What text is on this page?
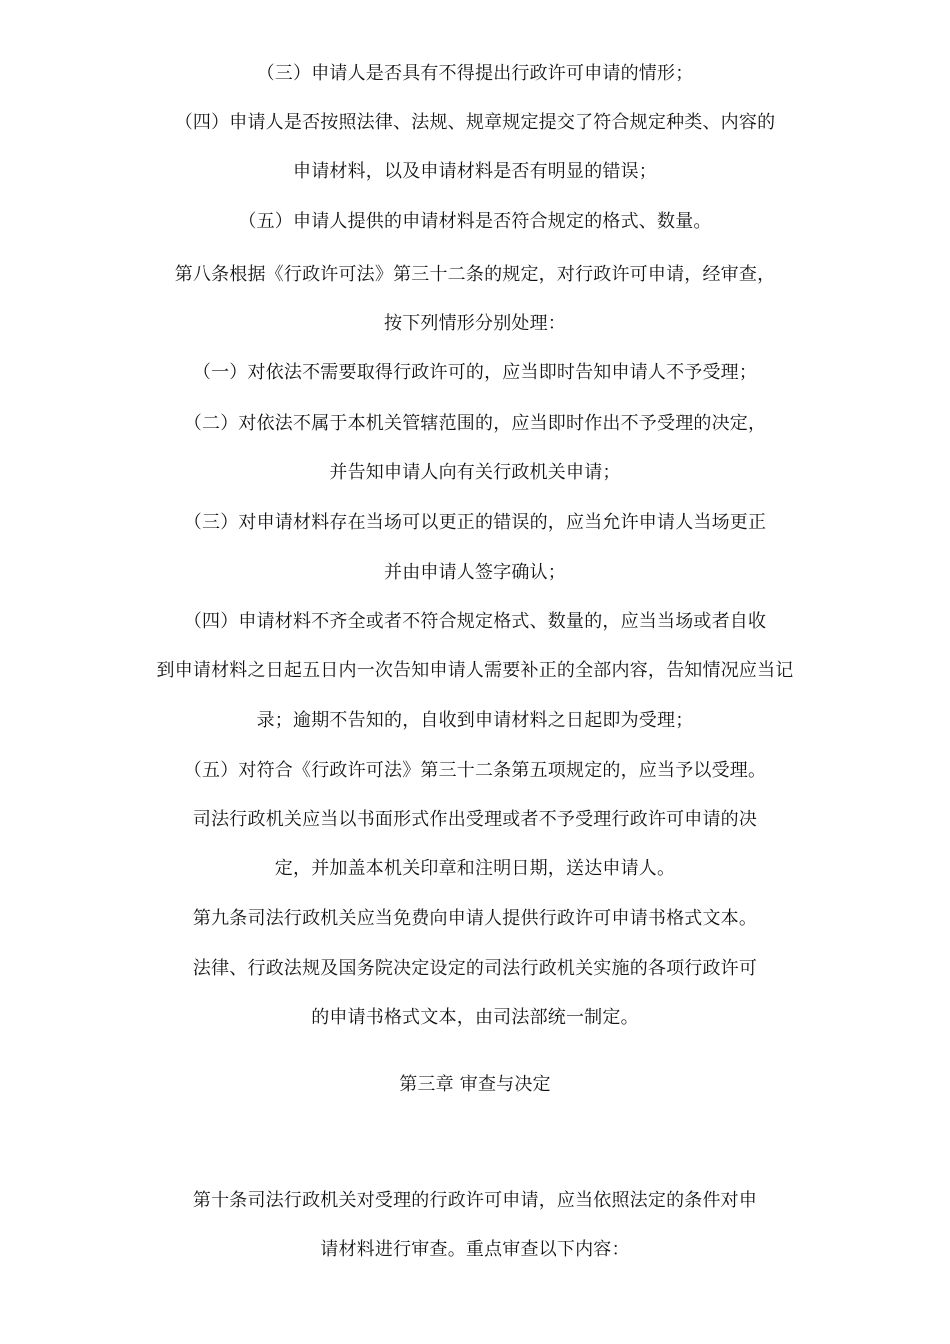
（三）申请人是否具有不得提出行政许可申请的情形；
（四）申请人是否按照法律、法规、规章规定提交了符合规定种类、内容的
申请材料，以及申请材料是否有明显的错误；
（五）申请人提供的申请材料是否符合规定的格式、数量。
第八条根据《行政许可法》第三十二条的规定，对行政许可申请，经审查，
按下列情形分别处理：
（一）对依法不需要取得行政许可的，应当即时告知申请人不予受理；
（二）对依法不属于本机关管辖范围的，应当即时作出不予受理的决定，
并告知申请人向有关行政机关申请；
（三）对申请材料存在当场可以更正的错误的，应当允许申请人当场更正
并由申请人签字确认；
（四）申请材料不齐全或者不符合规定格式、数量的，应当当场或者自收
到申请材料之日起五日内一次告知申请人需要补正的全部内容，告知情况应当记
录；逾期不告知的，自收到申请材料之日起即为受理；
（五）对符合《行政许可法》第三十二条第五项规定的，应当予以受理。
司法行政机关应当以书面形式作出受理或者不予受理行政许可申请的决
定，并加盖本机关印章和注明日期，送达申请人。
第九条司法行政机关应当免费向申请人提供行政许可申请书格式文本。
法律、行政法规及国务院决定设定的司法行政机关实施的各项行政许可
的申请书格式文本，由司法部统一制定。
第三章 审查与决定
第十条司法行政机关对受理的行政许可申请，应当依照法定的条件对申
请材料进行审查。重点审查以下内容：
